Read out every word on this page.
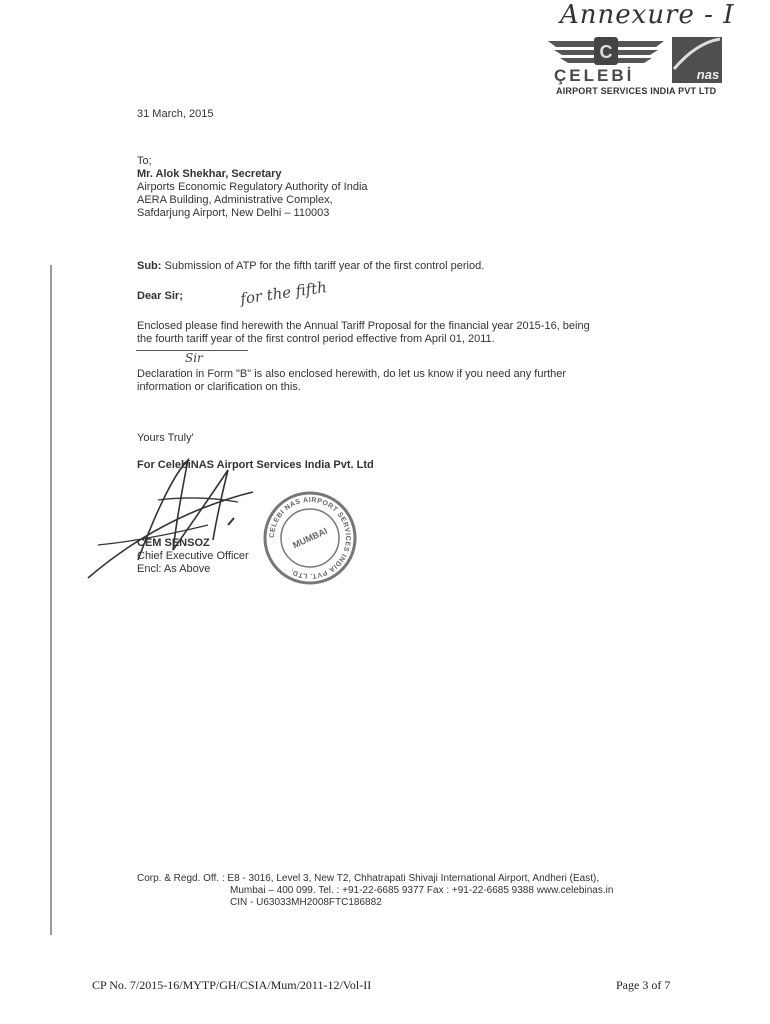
Annexure - I
C
ÇELEBİ	nas
AIRPORT SERVICES INDIA PVT LTD
31 March, 2015
To;
Mr. Alok Shekhar, Secretary
Airports Economic Regulatory Authority of India
AERA Building, Administrative Complex,
Safdarjung Airport, New Delhi – 110003
Sub: Submission of ATP for the fifth tariff year of the first control period.
Dear Sir;	for the fifth
Sir
Enclosed please find herewith the Annual Tariff Proposal for the financial year 2015-16, being
the fourth tariff year of the first control period effective from April 01, 2011.
Declaration in Form "B" is also enclosed herewith, do let us know if you need any further
information or clarification on this.
Yours Truly'
For CelebiNAS Airport Services India Pvt. Ltd
CELEBI NAS AIRPORT SERVICES INDIA PVT. LTD.
MUMBAI
CEM SENSOZ
Chief Executive Officer
Encl: As Above
Corp. & Regd. Off. : E8 - 3016, Level 3, New T2, Chhatrapati Shivaji International Airport, Andheri (East),
Mumbai – 400 099. Tel. : +91-22-6685 9377 Fax : +91-22-6685 9388 www.celebinas.in
CIN - U63033MH2008FTC186882
CP No. 7/2015-16/MYTP/GH/CSIA/Mum/2011-12/Vol-II	Page 3 of 7
